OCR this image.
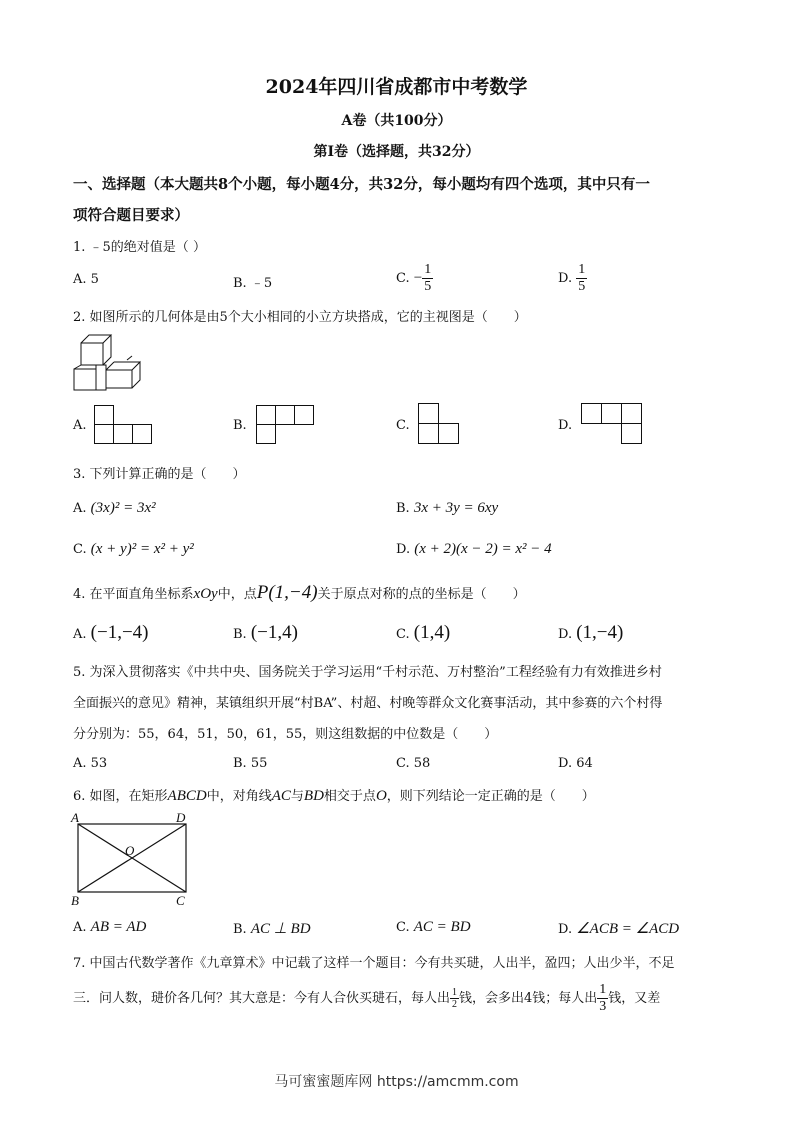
2024年四川省成都市中考数学
A卷（共100分）
第I卷（选择题，共32分）
一、选择题（本大题共8个小题，每小题4分，共32分，每小题均有四个选项，其中只有一
项符合题目要求）
1. ﹣5的绝对值是（ ）
A. 5	B. ﹣5	C. − $\frac{1}{5}$	D. $\frac{1}{5}$
2. 如图所示的几何体是由5个大小相同的小立方块搭成，它的主视图是（　　）
A.	B.	C.	D.
3. 下列计算正确的是（　　）
A. (3x)² = 3x²	B. 3x + 3y = 6xy
C. (x + y)² = x² + y²	D. (x + 2)(x − 2) = x² − 4
4. 在平面直角坐标系xOy中，点P(1,−4)关于原点对称的点的坐标是（　　）
A. (−1,−4)	B. (−1,4)	C. (1,4)	D. (1,−4)
5. 为深入贯彻落实《中共中央、国务院关于学习运用“千村示范、万村整治”工程经验有力有效推进乡村
全面振兴的意见》精神，某镇组织开展“村BA”、村超、村晚等群众文化赛事活动，其中参赛的六个村得
分分别为：55，64，51，50，61，55，则这组数据的中位数是（　　）
A. 53	B. 55	C. 58	D. 64
6. 如图，在矩形ABCD中，对角线AC与BD相交于点O，则下列结论一定正确的是（　　）
A	D
B	C
O
A. AB = AD	B. AC ⊥ BD	C. AC = BD	D. ∠ACB = ∠ACD
7. 中国古代数学著作《九章算术》中记载了这样一个题目：今有共买琎，人出半，盈四；人出少半，不足
三．问人数，琎价各几何？其大意是：今有人合伙买琎石，每人出 $\frac{1}{2}$ 钱，会多出4钱；每人出 $\frac{1}{3}$ 钱，又差
马可蜜蜜题库网 https://amcmm.com
